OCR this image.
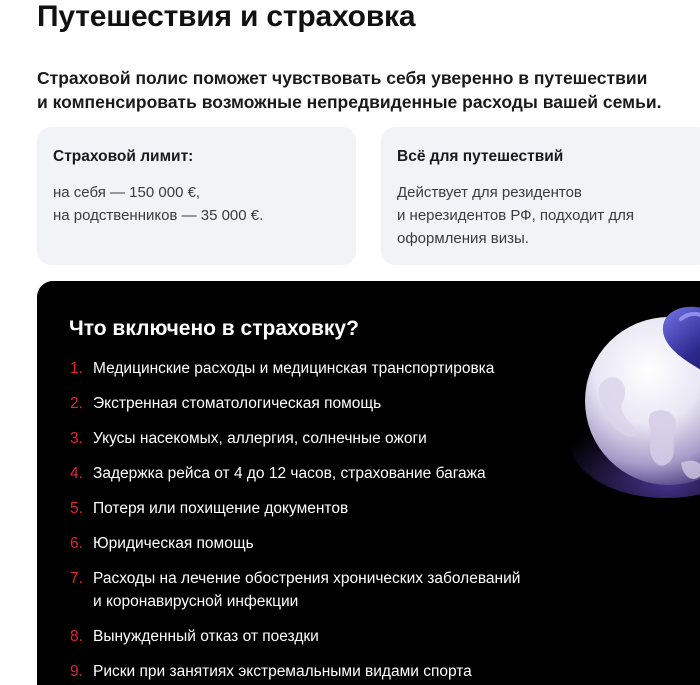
Путешествия и страховка
Страховой полис поможет чувствовать себя уверенно в путешествии
и компенсировать возможные непредвиденные расходы вашей семьи.
Страховой лимит:
на себя — 150 000 €,
на родственников — 35 000 €.
Всё для путешествий
Действует для резидентов
и нерезидентов РФ, подходит для
оформления визы.
Что включено в страховку?
1. Медицинские расходы и медицинская транспортировка
2. Экстренная стоматологическая помощь
3. Укусы насекомых, аллергия, солнечные ожоги
4. Задержка рейса от 4 до 12 часов, страхование багажа
5. Потеря или похищение документов
6. Юридическая помощь
7. Расходы на лечение обострения хронических заболеваний
и коронавирусной инфекции
8. Вынужденный отказ от поездки
9. Риски при занятиях экстремальными видами спорта
